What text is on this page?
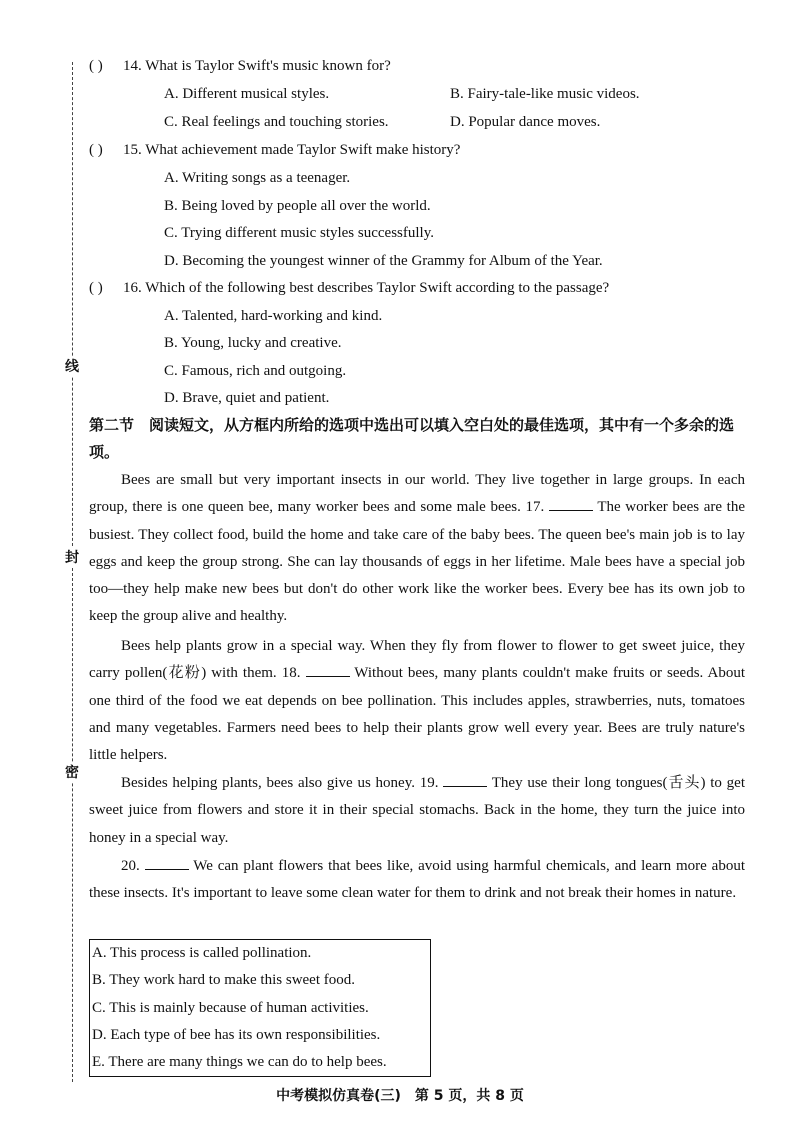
线
封
密
( ) 14. What is Taylor Swift's music known for?
A. Different musical styles.	B. Fairy-tale-like music videos.
C. Real feelings and touching stories.	D. Popular dance moves.
( ) 15. What achievement made Taylor Swift make history?
A. Writing songs as a teenager.
B. Being loved by people all over the world.
C. Trying different music styles successfully.
D. Becoming the youngest winner of the Grammy for Album of the Year.
( ) 16. Which of the following best describes Taylor Swift according to the passage?
A. Talented, hard-working and kind.
B. Young, lucky and creative.
C. Famous, rich and outgoing.
D. Brave, quiet and patient.
第二节　阅读短文，从方框内所给的选项中选出可以填入空白处的最佳选项，其中有一个多余的选项。
Bees are small but very important insects in our world. They live together in large groups. In each group, there is one queen bee, many worker bees and some male bees. 17.	The worker bees are the busiest. They collect food, build the home and take care of the baby bees. The queen bee's main job is to lay eggs and keep the group strong. She can lay thousands of eggs in her lifetime. Male bees have a special job too—they help make new bees but don't do other work like the worker bees. Every bee has its own job to keep the group alive and healthy.
Bees help plants grow in a special way. When they fly from flower to flower to get sweet juice, they carry pollen(花粉) with them. 18.	Without bees, many plants couldn't make fruits or seeds. About one third of the food we eat depends on bee pollination. This includes apples, strawberries, nuts, tomatoes and many vegetables. Farmers need bees to help their plants grow well every year. Bees are truly nature's little helpers.
Besides helping plants, bees also give us honey. 19.	They use their long tongues(舌头) to get sweet juice from flowers and store it in their special stomachs. Back in the home, they turn the juice into honey in a special way.
20.	We can plant flowers that bees like, avoid using harmful chemicals, and learn more about these insects. It's important to leave some clean water for them to drink and not break their homes in nature.
A. This process is called pollination.
B. They work hard to make this sweet food.
C. This is mainly because of human activities.
D. Each type of bee has its own responsibilities.
E. There are many things we can do to help bees.
中考模拟仿真卷(三)　第 5 页，共 8 页
